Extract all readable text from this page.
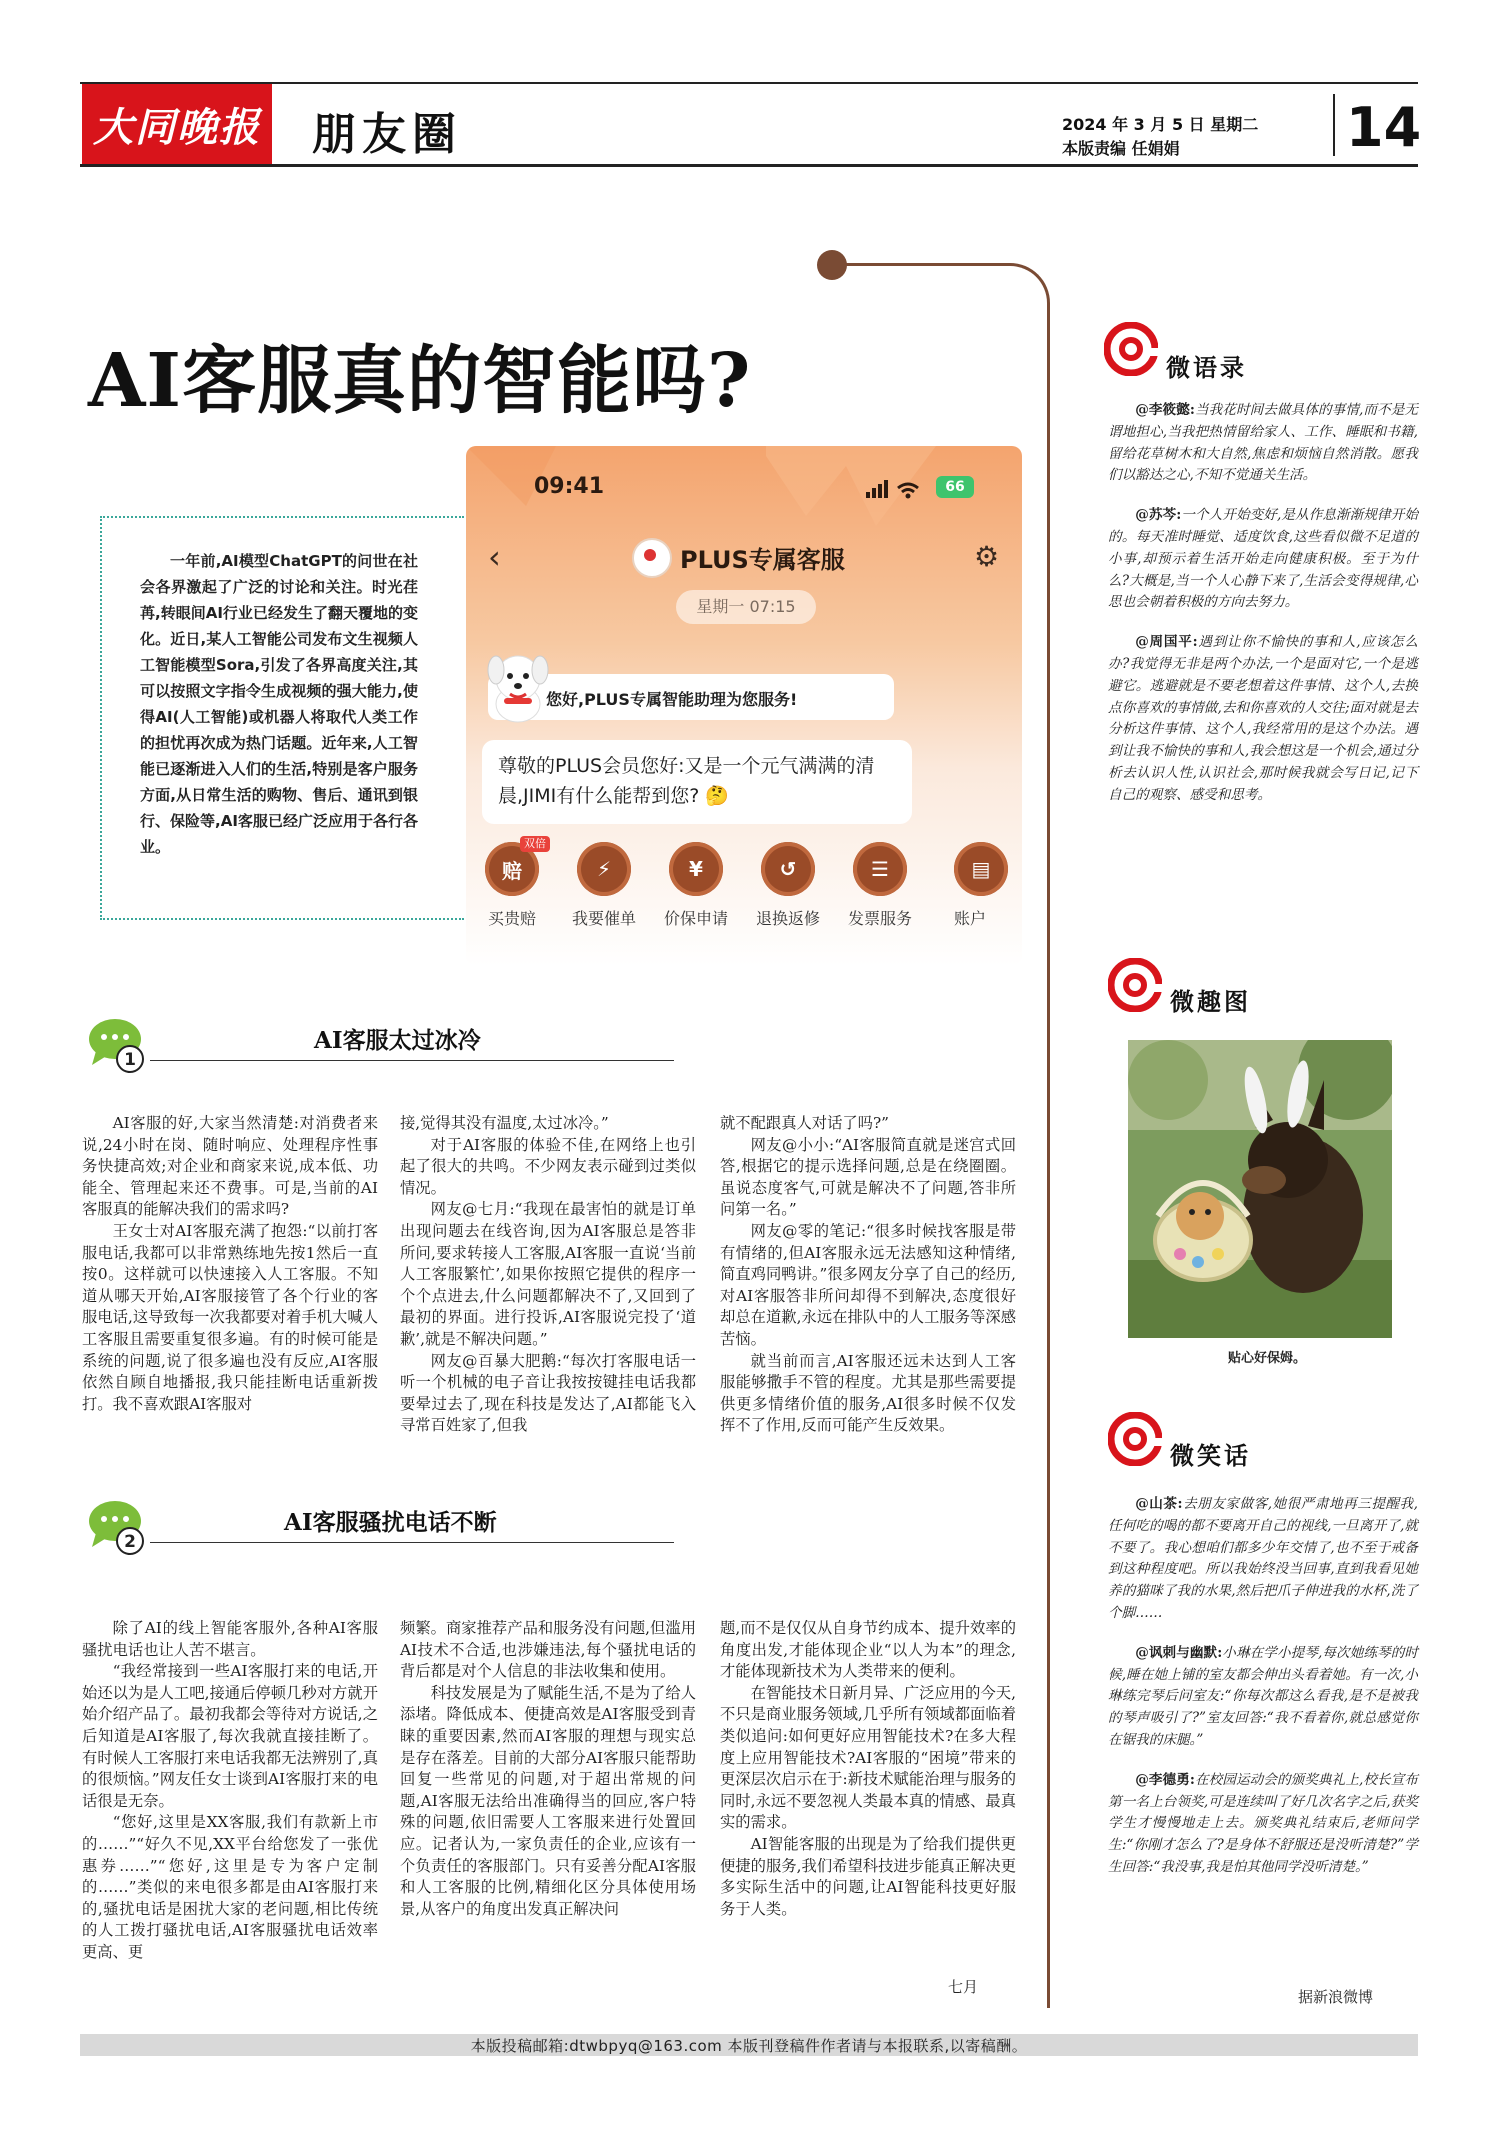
大同晚报 朋友圈	2024 年 3 月 5 日 星期二
本版责编 任娟娟	14
AI客服真的智能吗?

一年前,AI模型ChatGPT的问世在社会各界激起了广泛的讨论和关注。时光荏苒,转眼间AI行业已经发生了翻天覆地的变化。近日,某人工智能公司发布文生视频人工智能模型Sora,引发了各界高度关注,其可以按照文字指令生成视频的强大能力,使得AI(人工智能)或机器人将取代人类工作的担忧再次成为热门话题。近年来,人工智能已逐渐进入人们的生活,特别是客户服务方面,从日常生活的购物、售后、通讯到银行、保险等,AI客服已经广泛应用于各行各业。

09:41	66
‹	PLUS专属客服	⚙
星期一 07:15
您好,PLUS专属智能助理为您服务!
尊敬的PLUS会员您好:又是一个元气满满的清晨,JIMI有什么能帮到您? 🤔
赔
买贵赔
⚡
我要催单
¥
价保申请
↺
退换返修
☰
发票服务
▤
账户
双倍
1
AI客服太过冰冷

AI客服的好,大家当然清楚:对消费者来说,24小时在岗、随时响应、处理程序性事务快捷高效;对企业和商家来说,成本低、功能全、管理起来还不费事。可是,当前的AI客服真的能解决我们的需求吗?

王女士对AI客服充满了抱怨:“以前打客服电话,我都可以非常熟练地先按1然后一直按0。这样就可以快速接入人工客服。不知道从哪天开始,AI客服接管了各个行业的客服电话,这导致每一次我都要对着手机大喊人工客服且需要重复很多遍。有的时候可能是系统的问题,说了很多遍也没有反应,AI客服依然自顾自地播报,我只能挂断电话重新拨打。我不喜欢跟AI客服对

接,觉得其没有温度,太过冰冷。”

对于AI客服的体验不佳,在网络上也引起了很大的共鸣。不少网友表示碰到过类似情况。

网友@七月:“我现在最害怕的就是订单出现问题去在线咨询,因为AI客服总是答非所问,要求转接人工客服,AI客服一直说‘当前人工客服繁忙’,如果你按照它提供的程序一个个点进去,什么问题都解决不了,又回到了最初的界面。进行投诉,AI客服说完投了‘道歉’,就是不解决问题。”

网友@百暴大肥鹅:“每次打客服电话一听一个机械的电子音让我按按键挂电话我都要晕过去了,现在科技是发达了,AI都能飞入寻常百姓家了,但我

就不配跟真人对话了吗?”

网友@小小:“AI客服简直就是迷宫式回答,根据它的提示选择问题,总是在绕圈圈。虽说态度客气,可就是解决不了问题,答非所问第一名。”

网友@零的笔记:“很多时候找客服是带有情绪的,但AI客服永远无法感知这种情绪,简直鸡同鸭讲。”很多网友分享了自己的经历,对AI客服答非所问却得不到解决,态度很好却总在道歉,永远在排队中的人工服务等深感苦恼。

就当前而言,AI客服还远未达到人工客服能够撒手不管的程度。尤其是那些需要提供更多情绪价值的服务,AI很多时候不仅发挥不了作用,反而可能产生反效果。

2
AI客服骚扰电话不断

除了AI的线上智能客服外,各种AI客服骚扰电话也让人苦不堪言。

“我经常接到一些AI客服打来的电话,开始还以为是人工吧,接通后停顿几秒对方就开始介绍产品了。最初我都会等待对方说话,之后知道是AI客服了,每次我就直接挂断了。有时候人工客服打来电话我都无法辨别了,真的很烦恼。”网友任女士谈到AI客服打来的电话很是无奈。

“您好,这里是XX客服,我们有款新上市的……”“好久不见,XX平台给您发了一张优惠券……”“您好,这里是专为客户定制的……”类似的来电很多都是由AI客服打来的,骚扰电话是困扰大家的老问题,相比传统的人工拨打骚扰电话,AI客服骚扰电话效率更高、更

频繁。商家推荐产品和服务没有问题,但滥用AI技术不合适,也涉嫌违法,每个骚扰电话的背后都是对个人信息的非法收集和使用。

科技发展是为了赋能生活,不是为了给人添堵。降低成本、便捷高效是AI客服受到青睐的重要因素,然而AI客服的理想与现实总是存在落差。目前的大部分AI客服只能帮助回复一些常见的问题,对于超出常规的问题,AI客服无法给出准确得当的回应,客户特殊的问题,依旧需要人工客服来进行处置回应。记者认为,一家负责任的企业,应该有一个负责任的客服部门。只有妥善分配AI客服和人工客服的比例,精细化区分具体使用场景,从客户的角度出发真正解决问

题,而不是仅仅从自身节约成本、提升效率的角度出发,才能体现企业“以人为本”的理念,才能体现新技术为人类带来的便利。

在智能技术日新月异、广泛应用的今天,不只是商业服务领域,几乎所有领域都面临着类似追问:如何更好应用智能技术?在多大程度上应用智能技术?AI客服的“困境”带来的更深层次启示在于:新技术赋能治理与服务的同时,永远不要忽视人类最本真的情感、最真实的需求。

AI智能客服的出现是为了给我们提供更便捷的服务,我们希望科技进步能真正解决更多实际生活中的问题,让AI智能科技更好服务于人类。

七月
微语录

@李筱懿:当我花时间去做具体的事情,而不是无谓地担心,当我把热情留给家人、工作、睡眠和书籍,留给花草树木和大自然,焦虑和烦恼自然消散。愿我们以豁达之心,不知不觉通关生活。

@苏芩:一个人开始变好,是从作息渐渐规律开始的。每天准时睡觉、适度饮食,这些看似微不足道的小事,却预示着生活开始走向健康积极。至于为什么?大概是,当一个人心静下来了,生活会变得规律,心思也会朝着积极的方向去努力。

@周国平:遇到让你不愉快的事和人,应该怎么办?我觉得无非是两个办法,一个是面对它,一个是逃避它。逃避就是不要老想着这件事情、这个人,去换点你喜欢的事情做,去和你喜欢的人交往;面对就是去分析这件事情、这个人,我经常用的是这个办法。遇到让我不愉快的事和人,我会想这是一个机会,通过分析去认识人性,认识社会,那时候我就会写日记,记下自己的观察、感受和思考。

微趣图
贴心好保姆。
微笑话

@山茶:去朋友家做客,她很严肃地再三提醒我,任何吃的喝的都不要离开自己的视线,一旦离开了,就不要了。我心想咱们都多少年交情了,也不至于戒备到这种程度吧。所以我始终没当回事,直到我看见她养的猫咪了我的水果,然后把爪子伸进我的水杯,洗了个脚……

@讽刺与幽默:小琳在学小提琴,每次她练琴的时候,睡在她上铺的室友都会伸出头看着她。有一次,小琳练完琴后问室友:“你每次都这么看我,是不是被我的琴声吸引了?”室友回答:“我不看着你,就总感觉你在锯我的床腿。”

@李德勇:在校园运动会的颁奖典礼上,校长宣布第一名上台领奖,可是连续叫了好几次名字之后,获奖学生才慢慢地走上去。颁奖典礼结束后,老师问学生:“你刚才怎么了?是身体不舒服还是没听清楚?”学生回答:“我没事,我是怕其他同学没听清楚。”

据新浪微博
本版投稿邮箱:dtwbpyq@163.com 本版刊登稿件作者请与本报联系,以寄稿酬。
